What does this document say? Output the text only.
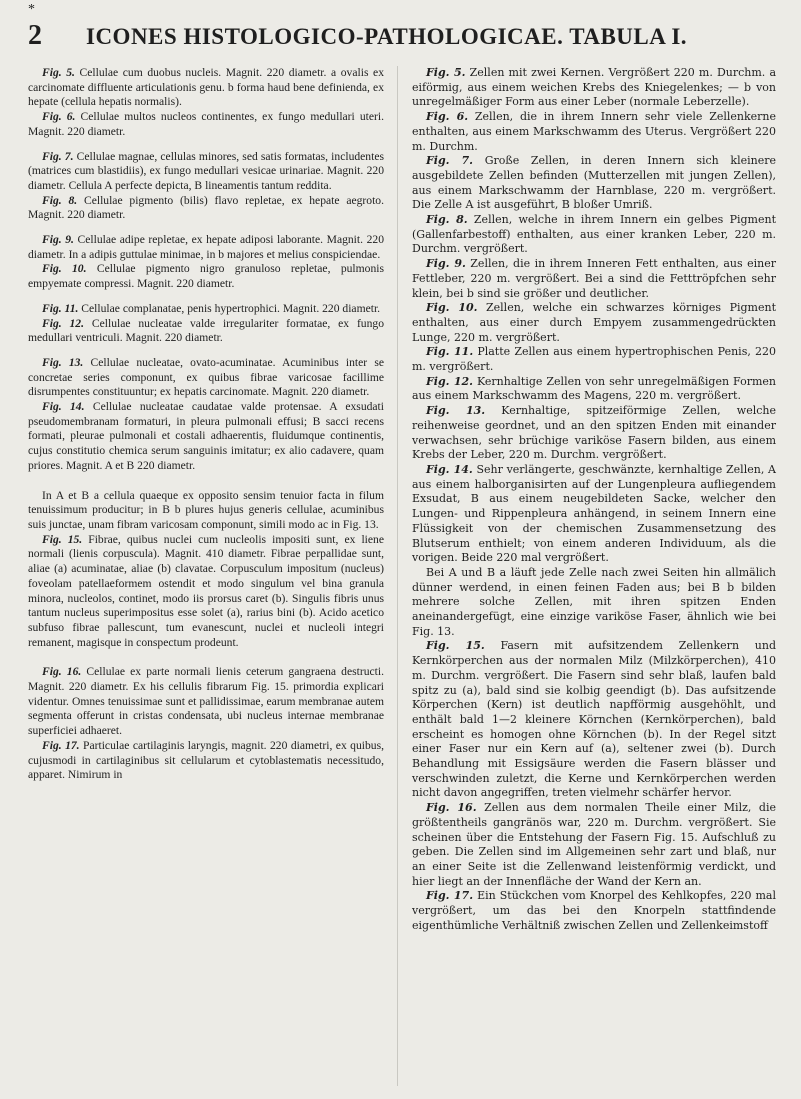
*
2 ICONES HISTOLOGICO-PATHOLOGICAE. TABULA I.

Fig. 5. Cellulae cum duobus nucleis. Magnit. 220 diametr. a ovalis ex carcinomate diffluente articulationis genu. b forma haud bene definienda, ex hepate (cellula hepatis normalis).

Fig. 6. Cellulae multos nucleos continentes, ex fungo medullari uteri. Magnit. 220 diametr.

Fig. 7. Cellulae magnae, cellulas minores, sed satis formatas, includentes (matrices cum blastidiis), ex fungo medullari vesicae urinariae. Magnit. 220 diametr. Cellula A perfecte depicta, B lineamentis tantum reddita.

Fig. 8. Cellulae pigmento (bilis) flavo repletae, ex hepate aegroto. Magnit. 220 diametr.

Fig. 9. Cellulae adipe repletae, ex hepate adiposi laborante. Magnit. 220 diametr. In a adipis guttulae minimae, in b majores et melius conspiciendae.

Fig. 10. Cellulae pigmento nigro granuloso repletae, pulmonis empyemate compressi. Magnit. 220 diametr.

Fig. 11. Cellulae complanatae, penis hypertrophici. Magnit. 220 diametr.

Fig. 12. Cellulae nucleatae valde irregulariter formatae, ex fungo medullari ventriculi. Magnit. 220 diametr.

Fig. 13. Cellulae nucleatae, ovato-acuminatae. Acuminibus inter se concretae series componunt, ex quibus fibrae varicosae facillime disrumpentes constituuntur; ex hepatis carcinomate. Magnit. 220 diametr.

Fig. 14. Cellulae nucleatae caudatae valde protensae. A exsudati pseudomembranam formaturi, in pleura pulmonali effusi; B sacci recens formati, pleurae pulmonali et costali adhaerentis, fluidumque continentis, cujus constitutio chemica serum sanguinis imitatur; ex alio cadavere, quam priores. Magnit. A et B 220 diametr.

In A et B a cellula quaeque ex opposito sensim tenuior facta in filum tenuissimum producitur; in B b plures hujus generis cellulae, acuminibus suis junctae, unam fibram varicosam componunt, simili modo ac in Fig. 13.

Fig. 15. Fibrae, quibus nuclei cum nucleolis impositi sunt, ex liene normali (lienis corpuscula). Magnit. 410 diametr. Fibrae perpallidae sunt, aliae (a) acuminatae, aliae (b) clavatae. Corpusculum impositum (nucleus) foveolam patellaeformem ostendit et modo singulum vel bina granula minora, nucleolos, continet, modo iis prorsus caret (b). Singulis fibris unus tantum nucleus superimpositus esse solet (a), rarius bini (b). Acido acetico subfuso fibrae pallescunt, tum evanescunt, nuclei et nucleoli integri remanent, magisque in conspectum prodeunt.

Fig. 16. Cellulae ex parte normali lienis ceterum gangraena destructi. Magnit. 220 diametr. Ex his cellulis fibrarum Fig. 15. primordia explicari videntur. Omnes tenuissimae sunt et pallidissimae, earum membranae autem segmenta offerunt in cristas condensata, ubi nucleus internae membranae superficiei adhaeret.

Fig. 17. Particulae cartilaginis laryngis, magnit. 220 diametri, ex quibus, cujusmodi in cartilaginibus sit cellularum et cytoblastematis necessitudo, apparet. Nimirum in

Fig. 5. Zellen mit zwei Kernen. Vergrößert 220 m. Durchm. a eiförmig, aus einem weichen Krebs des Kniegelenkes; — b von unregelmäßiger Form aus einer Leber (normale Leberzelle).

Fig. 6. Zellen, die in ihrem Innern sehr viele Zellenkerne enthalten, aus einem Markschwamm des Uterus. Vergrößert 220 m. Durchm.

Fig. 7. Große Zellen, in deren Innern sich kleinere ausgebildete Zellen befinden (Mutterzellen mit jungen Zellen), aus einem Markschwamm der Harnblase, 220 m. vergrößert. Die Zelle A ist ausgeführt, B bloßer Umriß.

Fig. 8. Zellen, welche in ihrem Innern ein gelbes Pigment (Gallenfarbestoff) enthalten, aus einer kranken Leber, 220 m. Durchm. vergrößert.

Fig. 9. Zellen, die in ihrem Inneren Fett enthalten, aus einer Fettleber, 220 m. vergrößert. Bei a sind die Fetttröpfchen sehr klein, bei b sind sie größer und deutlicher.

Fig. 10. Zellen, welche ein schwarzes körniges Pigment enthalten, aus einer durch Empyem zusammengedrückten Lunge, 220 m. vergrößert.

Fig. 11. Platte Zellen aus einem hypertrophischen Penis, 220 m. vergrößert.

Fig. 12. Kernhaltige Zellen von sehr unregelmäßigen Formen aus einem Markschwamm des Magens, 220 m. vergrößert.

Fig. 13. Kernhaltige, spitzeiförmige Zellen, welche reihenweise geordnet, und an den spitzen Enden mit einander verwachsen, sehr brüchige variköse Fasern bilden, aus einem Krebs der Leber, 220 m. Durchm. vergrößert.

Fig. 14. Sehr verlängerte, geschwänzte, kernhaltige Zellen, A aus einem halborganisirten auf der Lungenpleura aufliegendem Exsudat, B aus einem neugebildeten Sacke, welcher den Lungen- und Rippenpleura anhängend, in seinem Innern eine Flüssigkeit von der chemischen Zusammensetzung des Blutserum enthielt; von einem anderen Individuum, als die vorigen. Beide 220 mal vergrößert.

Bei A und B a läuft jede Zelle nach zwei Seiten hin allmälich dünner werdend, in einen feinen Faden aus; bei B b bilden mehrere solche Zellen, mit ihren spitzen Enden aneinandergefügt, eine einzige variköse Faser, ähnlich wie bei Fig. 13.

Fig. 15. Fasern mit aufsitzendem Zellenkern und Kernkörperchen aus der normalen Milz (Milzkörperchen), 410 m. Durchm. vergrößert. Die Fasern sind sehr blaß, laufen bald spitz zu (a), bald sind sie kolbig geendigt (b). Das aufsitzende Körperchen (Kern) ist deutlich napfförmig ausgehöhlt, und enthält bald 1—2 kleinere Körnchen (Kernkörperchen), bald erscheint es homogen ohne Körnchen (b). In der Regel sitzt einer Faser nur ein Kern auf (a), seltener zwei (b). Durch Behandlung mit Essigsäure werden die Fasern blässer und verschwinden zuletzt, die Kerne und Kernkörperchen werden nicht davon angegriffen, treten vielmehr schärfer hervor.

Fig. 16. Zellen aus dem normalen Theile einer Milz, die größtentheils gangränös war, 220 m. Durchm. vergrößert. Sie scheinen über die Entstehung der Fasern Fig. 15. Aufschluß zu geben. Die Zellen sind im Allgemeinen sehr zart und blaß, nur an einer Seite ist die Zellenwand leistenförmig verdickt, und hier liegt an der Innenfläche der Wand der Kern an.

Fig. 17. Ein Stückchen vom Knorpel des Kehlkopfes, 220 mal vergrößert, um das bei den Knorpeln stattfindende eigenthümliche Verhältniß zwischen Zellen und Zellenkeimstoff
